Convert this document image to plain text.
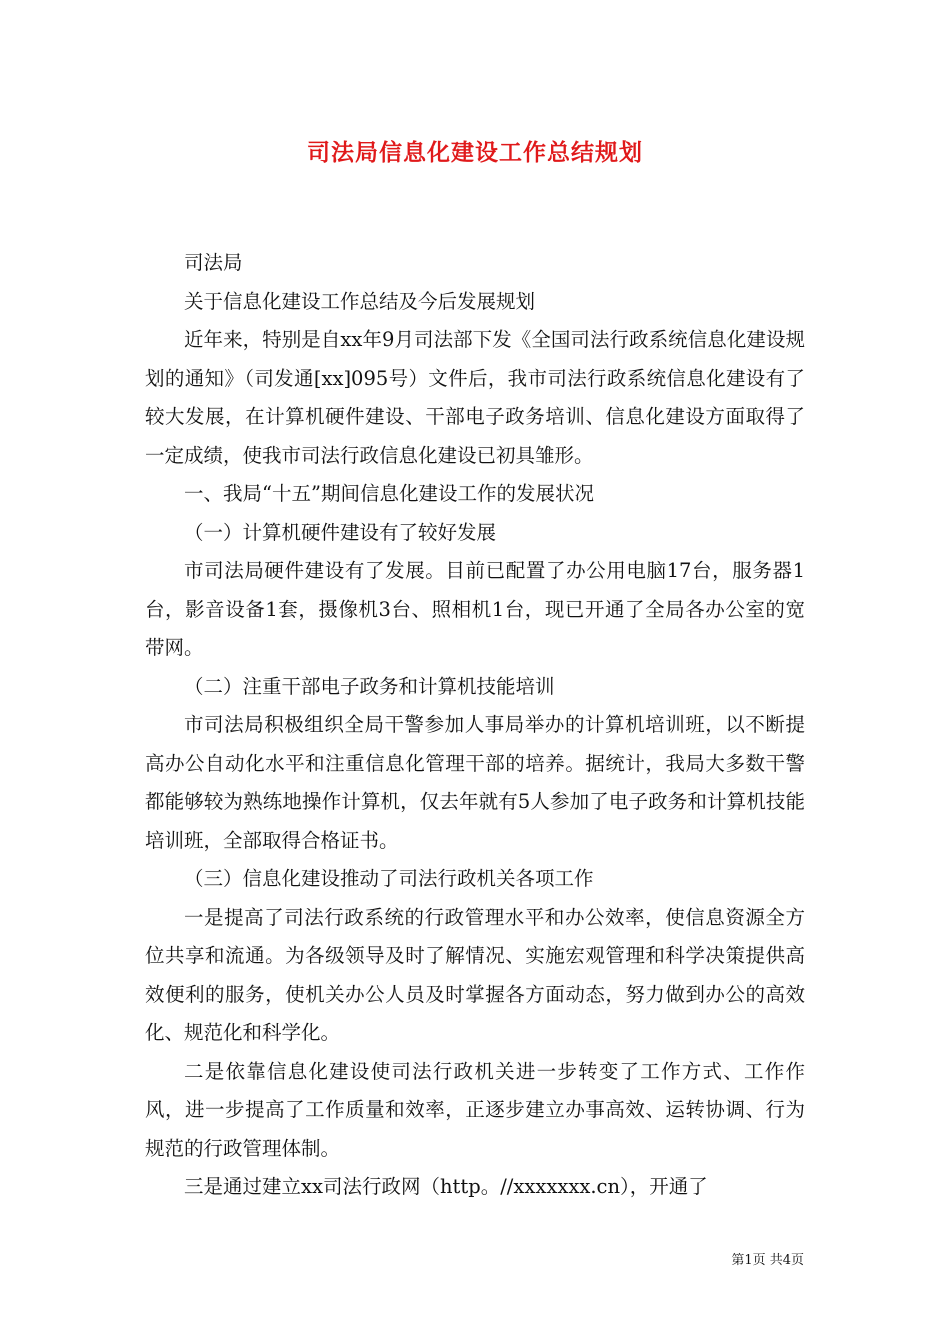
司法局信息化建设工作总结规划

司法局

关于信息化建设工作总结及今后发展规划

近年来，特别是自xx年9月司法部下发《全国司法行政系统信息化建设规划的通知》（司发通[xx]095号）文件后，我市司法行政系统信息化建设有了较大发展，在计算机硬件建设、干部电子政务培训、信息化建设方面取得了一定成绩，使我市司法行政信息化建设已初具雏形。

一、我局“十五”期间信息化建设工作的发展状况

（一）计算机硬件建设有了较好发展

市司法局硬件建设有了发展。目前已配置了办公用电脑17台，服务器1台，影音设备1套，摄像机3台、照相机1台，现已开通了全局各办公室的宽带网。

（二）注重干部电子政务和计算机技能培训

市司法局积极组织全局干警参加人事局举办的计算机培训班，以不断提高办公自动化水平和注重信息化管理干部的培养。据统计，我局大多数干警都能够较为熟练地操作计算机，仅去年就有5人参加了电子政务和计算机技能培训班，全部取得合格证书。

（三）信息化建设推动了司法行政机关各项工作

一是提高了司法行政系统的行政管理水平和办公效率，使信息资源全方位共享和流通。为各级领导及时了解情况、实施宏观管理和科学决策提供高效便利的服务，使机关办公人员及时掌握各方面动态，努力做到办公的高效化、规范化和科学化。

二是依靠信息化建设使司法行政机关进一步转变了工作方式、工作作风，进一步提高了工作质量和效率，正逐步建立办事高效、运转协调、行为规范的行政管理体制。

三是通过建立xx司法行政网（http。//xxxxxxx.cn），开通了

第1页 共4页
